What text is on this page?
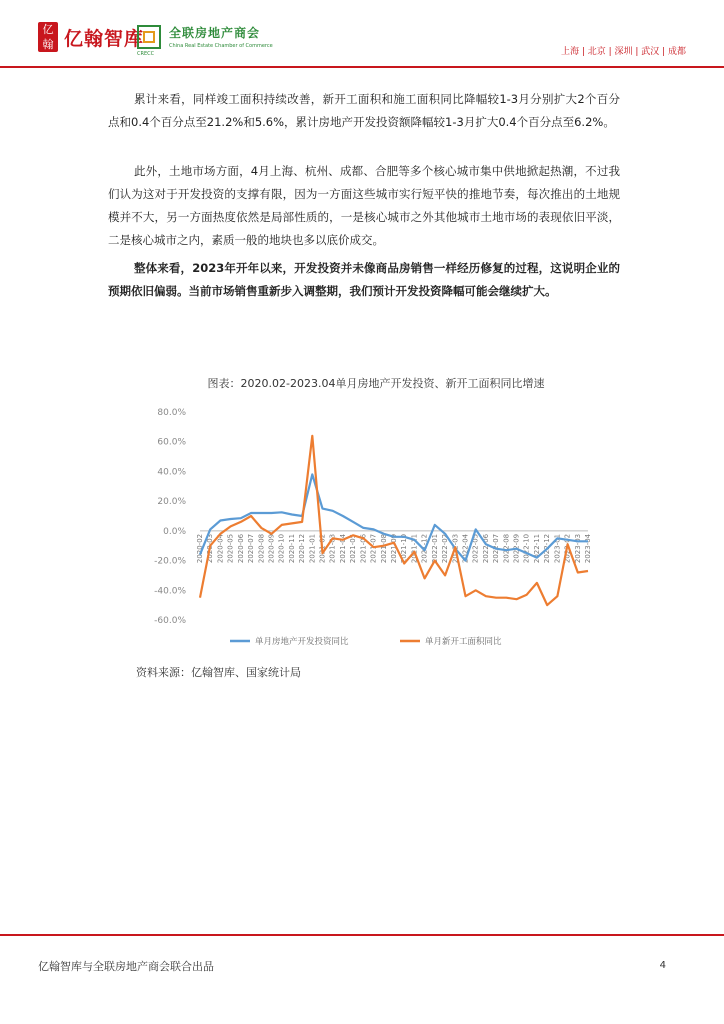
亿翰 亿翰智库 全联房地产商会
China Real Estate Chamber of Commerce
CRECC	上海 | 北京 | 深圳 | 武汉 | 成都
累计来看，同样竣工面积持续改善，新开工面积和施工面积同比降幅较1-3月分别扩大2个百分点和0.4个百分点至21.2%和5.6%，累计房地产开发投资额降幅较1-3月扩大0.4个百分点至6.2%。
此外，土地市场方面，4月上海、杭州、成都、合肥等多个核心城市集中供地掀起热潮，不过我们认为这对于开发投资的支撑有限，因为一方面这些城市实行短平快的推地节奏，每次推出的土地规模并不大，另一方面热度依然是局部性质的，一是核心城市之外其他城市土地市场的表现依旧平淡，二是核心城市之内，素质一般的地块也多以底价成交。
整体来看，2023年开年以来，开发投资并未像商品房销售一样经历修复的过程，这说明企业的预期依旧偏弱。当前市场销售重新步入调整期，我们预计开发投资降幅可能会继续扩大。
图表：2020.02-2023.04单月房地产开发投资、新开工面积同比增速
80.0%
60.0%
40.0%
20.0%
0.0%
-20.0%
-40.0%
-60.0%
2020-02 2020-03 2020-04 2020-05 2020-06 2020-07 2020-08 2020-09 2020-10 2020-11 2020-12 2021-01 2021-02 2021-03 2021-04 2021-05 2021-06 2021-07 2021-08 2021-09 2021-10 2021-11 2021-12 2022-01 2022-02 2022-03 2022-04 2022-05 2022-06 2022-07 2022-08 2022-09 2022-10 2022-11 2022-12 2023-01 2023-02 2023-03 2023-04
单月房地产开发投资同比	单月新开工面积同比
资料来源：亿翰智库、国家统计局
亿翰智库与全联房地产商会联合出品	4
